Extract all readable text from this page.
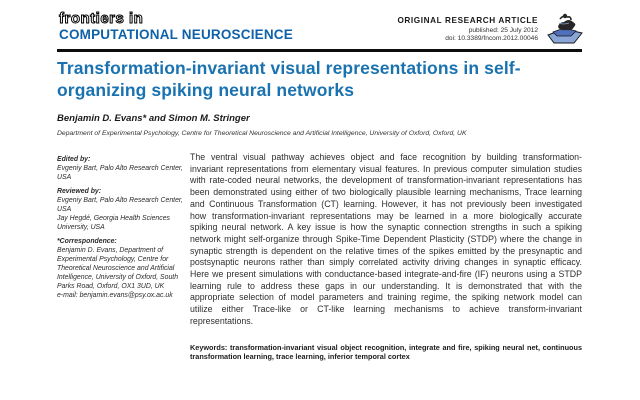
frontiers in
COMPUTATIONAL NEUROSCIENCE
ORIGINAL RESEARCH ARTICLE
published: 25 July 2012
doi: 10.3389/fncom.2012.00046
Transformation-invariant visual representations in self-organizing spiking neural networks
Benjamin D. Evans* and Simon M. Stringer
Department of Experimental Psychology, Centre for Theoretical Neuroscience and Artificial Intelligence, University of Oxford, Oxford, UK

Edited by:

Evgeniy Bart, Palo Alto Research Center, USA

Reviewed by:

Evgeniy Bart, Palo Alto Research Center, USA

Jay Hegdé, Georgia Health Sciences University, USA

*Correspondence:

Benjamin D. Evans, Department of Experimental Psychology, Centre for Theoretical Neuroscience and Artificial Intelligence, University of Oxford, South Parks Road, Oxford, OX1 3UD, UK

e-mail: benjamin.evans@psy.ox.ac.uk

The ventral visual pathway achieves object and face recognition by building transformation-invariant representations from elementary visual features. In previous computer simulation studies with rate-coded neural networks, the development of transformation-invariant representations has been demonstrated using either of two biologically plausible learning mechanisms, Trace learning and Continuous Transformation (CT) learning. However, it has not previously been investigated how transformation-invariant representations may be learned in a more biologically accurate spiking neural network. A key issue is how the synaptic connection strengths in such a spiking network might self-organize through Spike-Time Dependent Plasticity (STDP) where the change in synaptic strength is dependent on the relative times of the spikes emitted by the presynaptic and postsynaptic neurons rather than simply correlated activity driving changes in synaptic efficacy. Here we present simulations with conductance-based integrate-and-fire (IF) neurons using a STDP learning rule to address these gaps in our understanding. It is demonstrated that with the appropriate selection of model parameters and training regime, the spiking network model can utilize either Trace-like or CT-like learning mechanisms to achieve transform-invariant representations.

Keywords: transformation-invariant visual object recognition, integrate and fire, spiking neural net, continuous transformation learning, trace learning, inferior temporal cortex
